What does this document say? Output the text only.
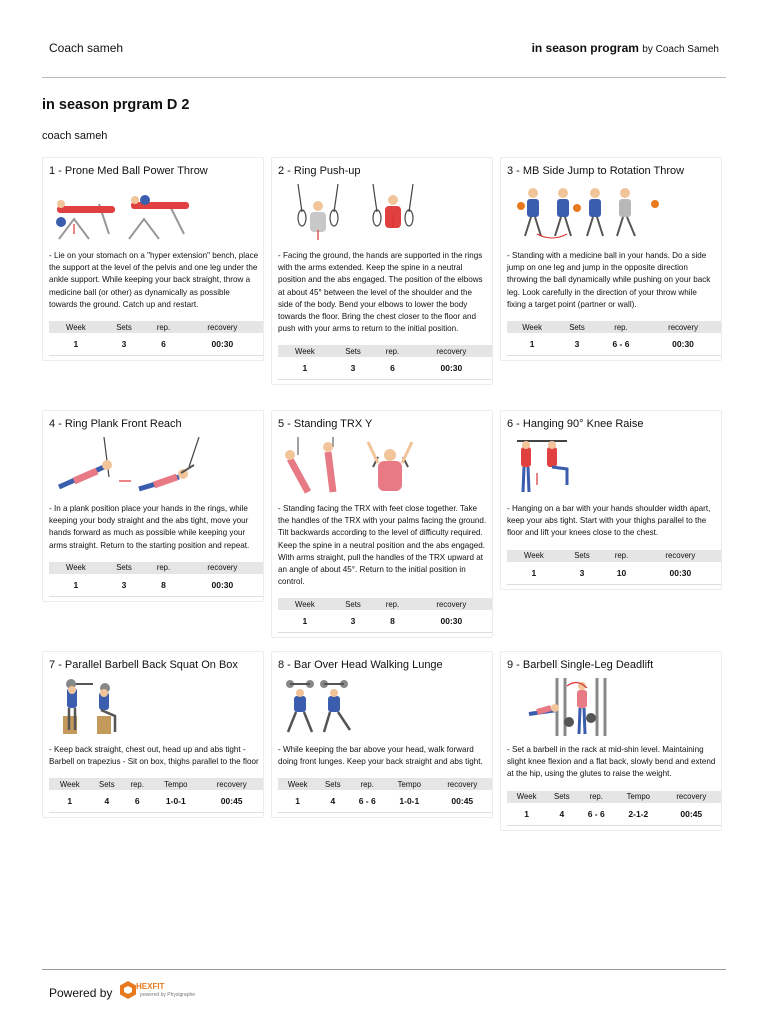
Coach sameh	in season program by Coach Sameh
in season prgram D 2
coach sameh
1 - Prone Med Ball Power Throw
- Lie on your stomach on a "hyper extension" bench, place the support at the level of the pelvis and one leg under the ankle support. While keeping your back straight, throw a medicine ball (or other) as dynamically as possible towards the ground. Catch up and restart.
Week	Sets	rep.	recovery
1	3	6	00:30
2 - Ring Push-up
- Facing the ground, the hands are supported in the rings with the arms extended. Keep the spine in a neutral position and the abs engaged. The position of the elbows at about 45° between the level of the shoulder and the side of the body. Bend your elbows to lower the body towards the floor. Bring the chest closer to the floor and push with your arms to return to the initial position.
Week	Sets	rep.	recovery
1	3	6	00:30
3 - MB Side Jump to Rotation Throw
- Standing with a medicine ball in your hands. Do a side jump on one leg and jump in the opposite direction throwing the ball dynamically while pushing on your back leg. Look carefully in the direction of your throw while fixing a target point (partner or wall).
Week	Sets	rep.	recovery
1	3	6 - 6	00:30
4 - Ring Plank Front Reach
- In a plank position place your hands in the rings, while keeping your body straight and the abs tight, move your hands forward as much as possible while keeping your arms straight. Return to the starting position and repeat.
Week	Sets	rep.	recovery
1	3	8	00:30
5 - Standing TRX Y
- Standing facing the TRX with feet close together. Take the handles of the TRX with your palms facing the ground. Tilt backwards according to the level of difficulty required. Keep the spine in a neutral position and the abs engaged. With arms straight, pull the handles of the TRX upward at an angle of about 45°. Return to the initial position in control.
Week	Sets	rep.	recovery
1	3	8	00:30
6 - Hanging 90° Knee Raise
- Hanging on a bar with your hands shoulder width apart, keep your abs tight. Start with your thighs parallel to the floor and lift your knees close to the chest.
Week	Sets	rep.	recovery
1	3	10	00:30
7 - Parallel Barbell Back Squat On Box
- Keep back straight, chest out, head up and abs tight - Barbell on trapezius - Sit on box, thighs parallel to the floor
Week	Sets	rep.	Tempo	recovery
1	4	6	1-0-1	00:45
8 - Bar Over Head Walking Lunge
- While keeping the bar above your head, walk forward doing front lunges. Keep your back straight and abs tight.
Week	Sets	rep.	Tempo	recovery
1	4	6 - 6	1-0-1	00:45
9 - Barbell Single-Leg Deadlift
- Set a barbell in the rack at mid-shin level. Maintaining slight knee flexion and a flat back, slowly bend and extend at the hip, using the glutes to raise the weight.
Week	Sets	rep.	Tempo	recovery
1	4	6 - 6	2-1-2	00:45
Powered by	HEXFIT
powered by Physigraphe
